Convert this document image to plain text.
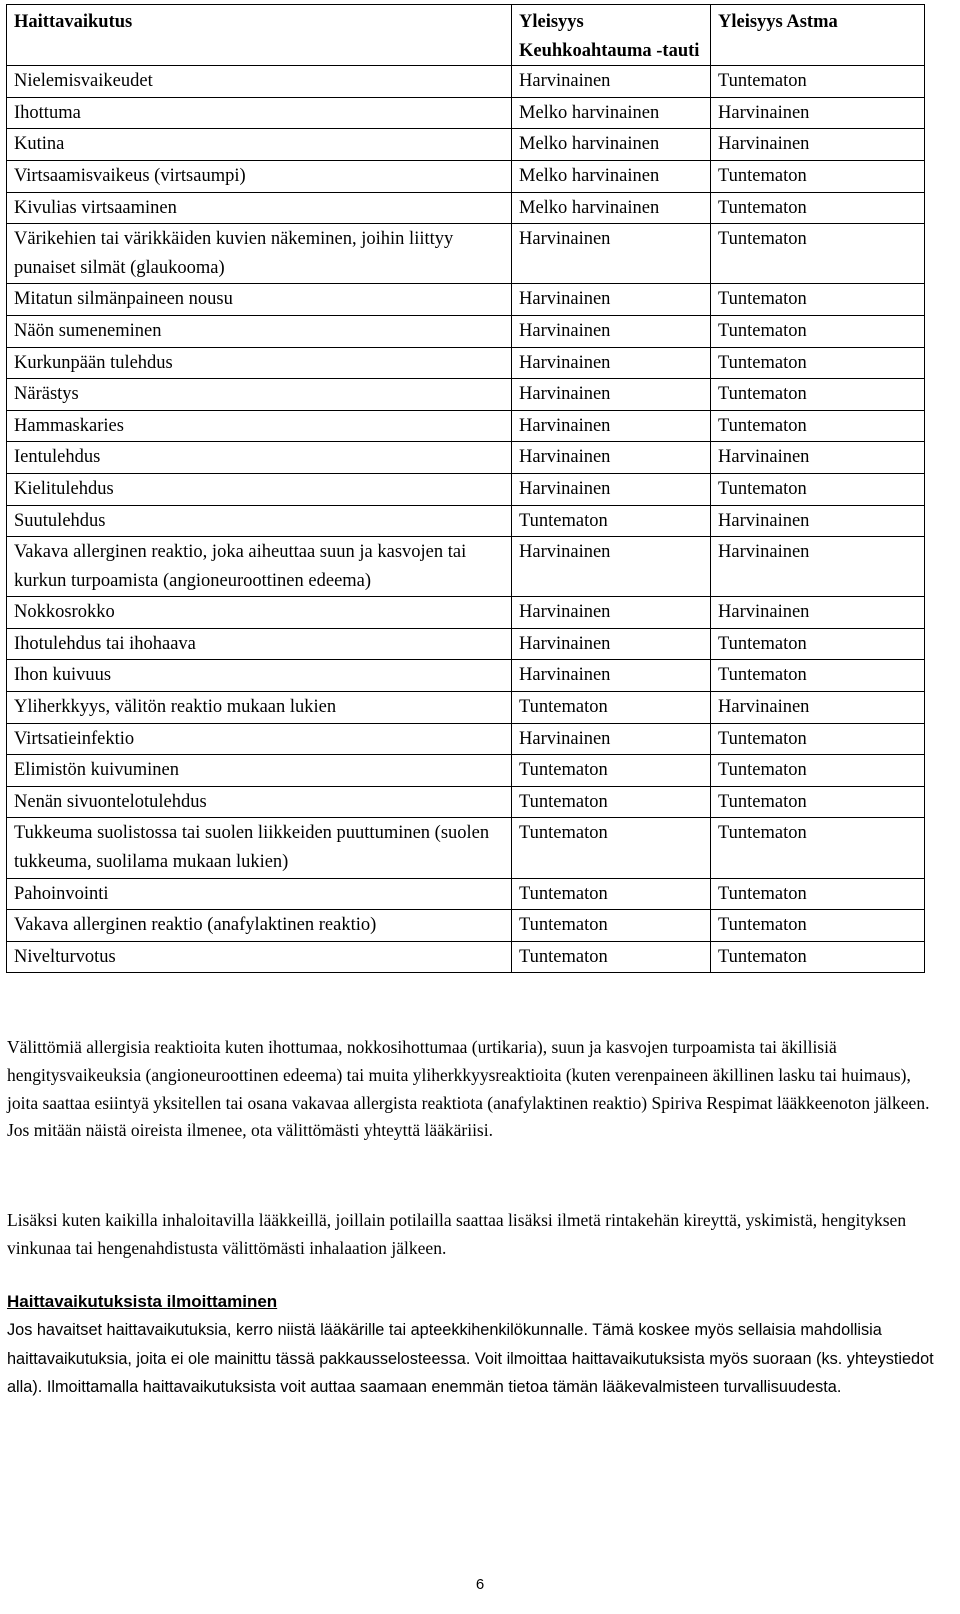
Haittavaikutus	Yleisyys Keuhkoahtauma -tauti	Yleisyys Astma
Nielemisvaikeudet	Harvinainen	Tuntematon
Ihottuma	Melko harvinainen	Harvinainen
Kutina	Melko harvinainen	Harvinainen
Virtsaamisvaikeus (virtsaumpi)	Melko harvinainen	Tuntematon
Kivulias virtsaaminen	Melko harvinainen	Tuntematon
Värikehien tai värikkäiden kuvien näkeminen, joihin liittyy punaiset silmät (glaukooma)	Harvinainen	Tuntematon
Mitatun silmänpaineen nousu	Harvinainen	Tuntematon
Näön sumeneminen	Harvinainen	Tuntematon
Kurkunpään tulehdus	Harvinainen	Tuntematon
Närästys	Harvinainen	Tuntematon
Hammaskaries	Harvinainen	Tuntematon
Ientulehdus	Harvinainen	Harvinainen
Kielitulehdus	Harvinainen	Tuntematon
Suutulehdus	Tuntematon	Harvinainen
Vakava allerginen reaktio, joka aiheuttaa suun ja kasvojen tai kurkun turpoamista (angioneuroottinen edeema)	Harvinainen	Harvinainen
Nokkosrokko	Harvinainen	Harvinainen
Ihotulehdus tai ihohaava	Harvinainen	Tuntematon
Ihon kuivuus	Harvinainen	Tuntematon
Yliherkkyys, välitön reaktio mukaan lukien	Tuntematon	Harvinainen
Virtsatieinfektio	Harvinainen	Tuntematon
Elimistön kuivuminen	Tuntematon	Tuntematon
Nenän sivuontelotulehdus	Tuntematon	Tuntematon
Tukkeuma suolistossa tai suolen liikkeiden puuttuminen (suolen tukkeuma, suolilama mukaan lukien)	Tuntematon	Tuntematon
Pahoinvointi	Tuntematon	Tuntematon
Vakava allerginen reaktio (anafylaktinen reaktio)	Tuntematon	Tuntematon
Nivelturvotus	Tuntematon	Tuntematon

Välittömiä allergisia reaktioita kuten ihottumaa, nokkosihottumaa (urtikaria), suun ja kasvojen turpoamista tai äkillisiä hengitysvaikeuksia (angioneuroottinen edeema) tai muita yliherkkyysreaktioita (kuten verenpaineen äkillinen lasku tai huimaus), joita saattaa esiintyä yksitellen tai osana vakavaa allergista reaktiota (anafylaktinen reaktio) Spiriva Respimat lääkkeenoton jälkeen. Jos mitään näistä oireista ilmenee, ota välittömästi yhteyttä lääkäriisi.

Lisäksi kuten kaikilla inhaloitavilla lääkkeillä, joillain potilailla saattaa lisäksi ilmetä rintakehän kireyttä, yskimistä, hengityksen vinkunaa tai hengenahdistusta välittömästi inhalaation jälkeen.

Haittavaikutuksista ilmoittaminen

Jos havaitset haittavaikutuksia, kerro niistä lääkärille tai apteekkihenkilökunnalle. Tämä koskee myös sellaisia mahdollisia haittavaikutuksia, joita ei ole mainittu tässä pakkausselosteessa. Voit ilmoittaa haittavaikutuksista myös suoraan (ks. yhteystiedot alla). Ilmoittamalla haittavaikutuksista voit auttaa saamaan enemmän tietoa tämän lääkevalmisteen turvallisuudesta.

6
